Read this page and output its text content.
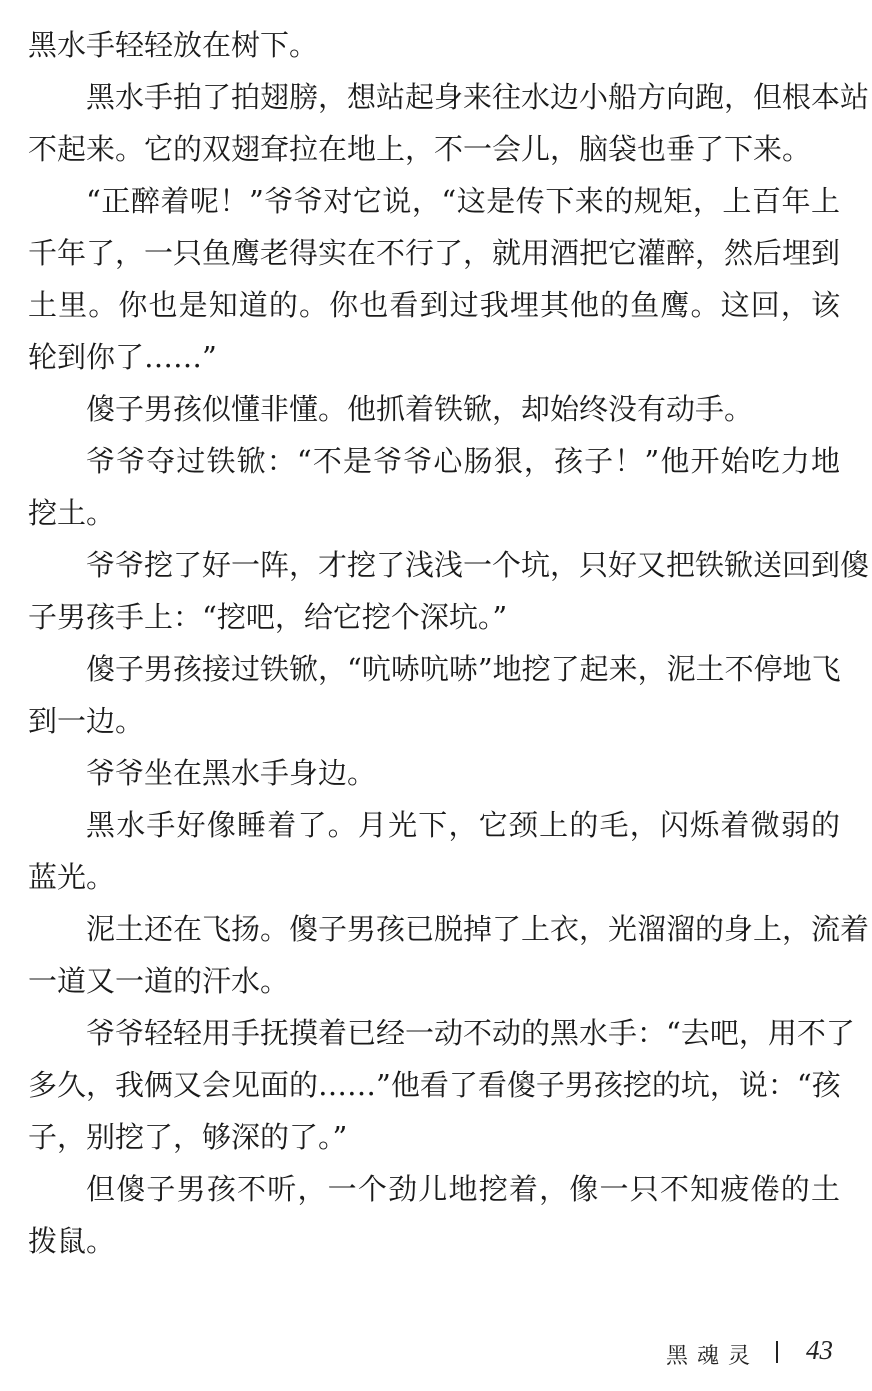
黑水手轻轻放在树下。
黑水手拍了拍翅膀，想站起身来往水边小船方向跑，但根本站
不起来。它的双翅耷拉在地上，不一会儿，脑袋也垂了下来。
“正醉着呢！”爷爷对它说，“这是传下来的规矩，上百年上
千年了，一只鱼鹰老得实在不行了，就用酒把它灌醉，然后埋到
土里。你也是知道的。你也看到过我埋其他的鱼鹰。这回，该
轮到你了……”
傻子男孩似懂非懂。他抓着铁锨，却始终没有动手。
爷爷夺过铁锨：“不是爷爷心肠狠，孩子！”他开始吃力地
挖土。
爷爷挖了好一阵，才挖了浅浅一个坑，只好又把铁锨送回到傻
子男孩手上：“挖吧，给它挖个深坑。”
傻子男孩接过铁锨，“吭哧吭哧”地挖了起来，泥土不停地飞
到一边。
爷爷坐在黑水手身边。
黑水手好像睡着了。月光下，它颈上的毛，闪烁着微弱的
蓝光。
泥土还在飞扬。傻子男孩已脱掉了上衣，光溜溜的身上，流着
一道又一道的汗水。
爷爷轻轻用手抚摸着已经一动不动的黑水手：“去吧，用不了
多久，我俩又会见面的……”他看了看傻子男孩挖的坑，说：“孩
子，别挖了，够深的了。”
但傻子男孩不听，一个劲儿地挖着，像一只不知疲倦的土
拨鼠。
黑魂灵 43
